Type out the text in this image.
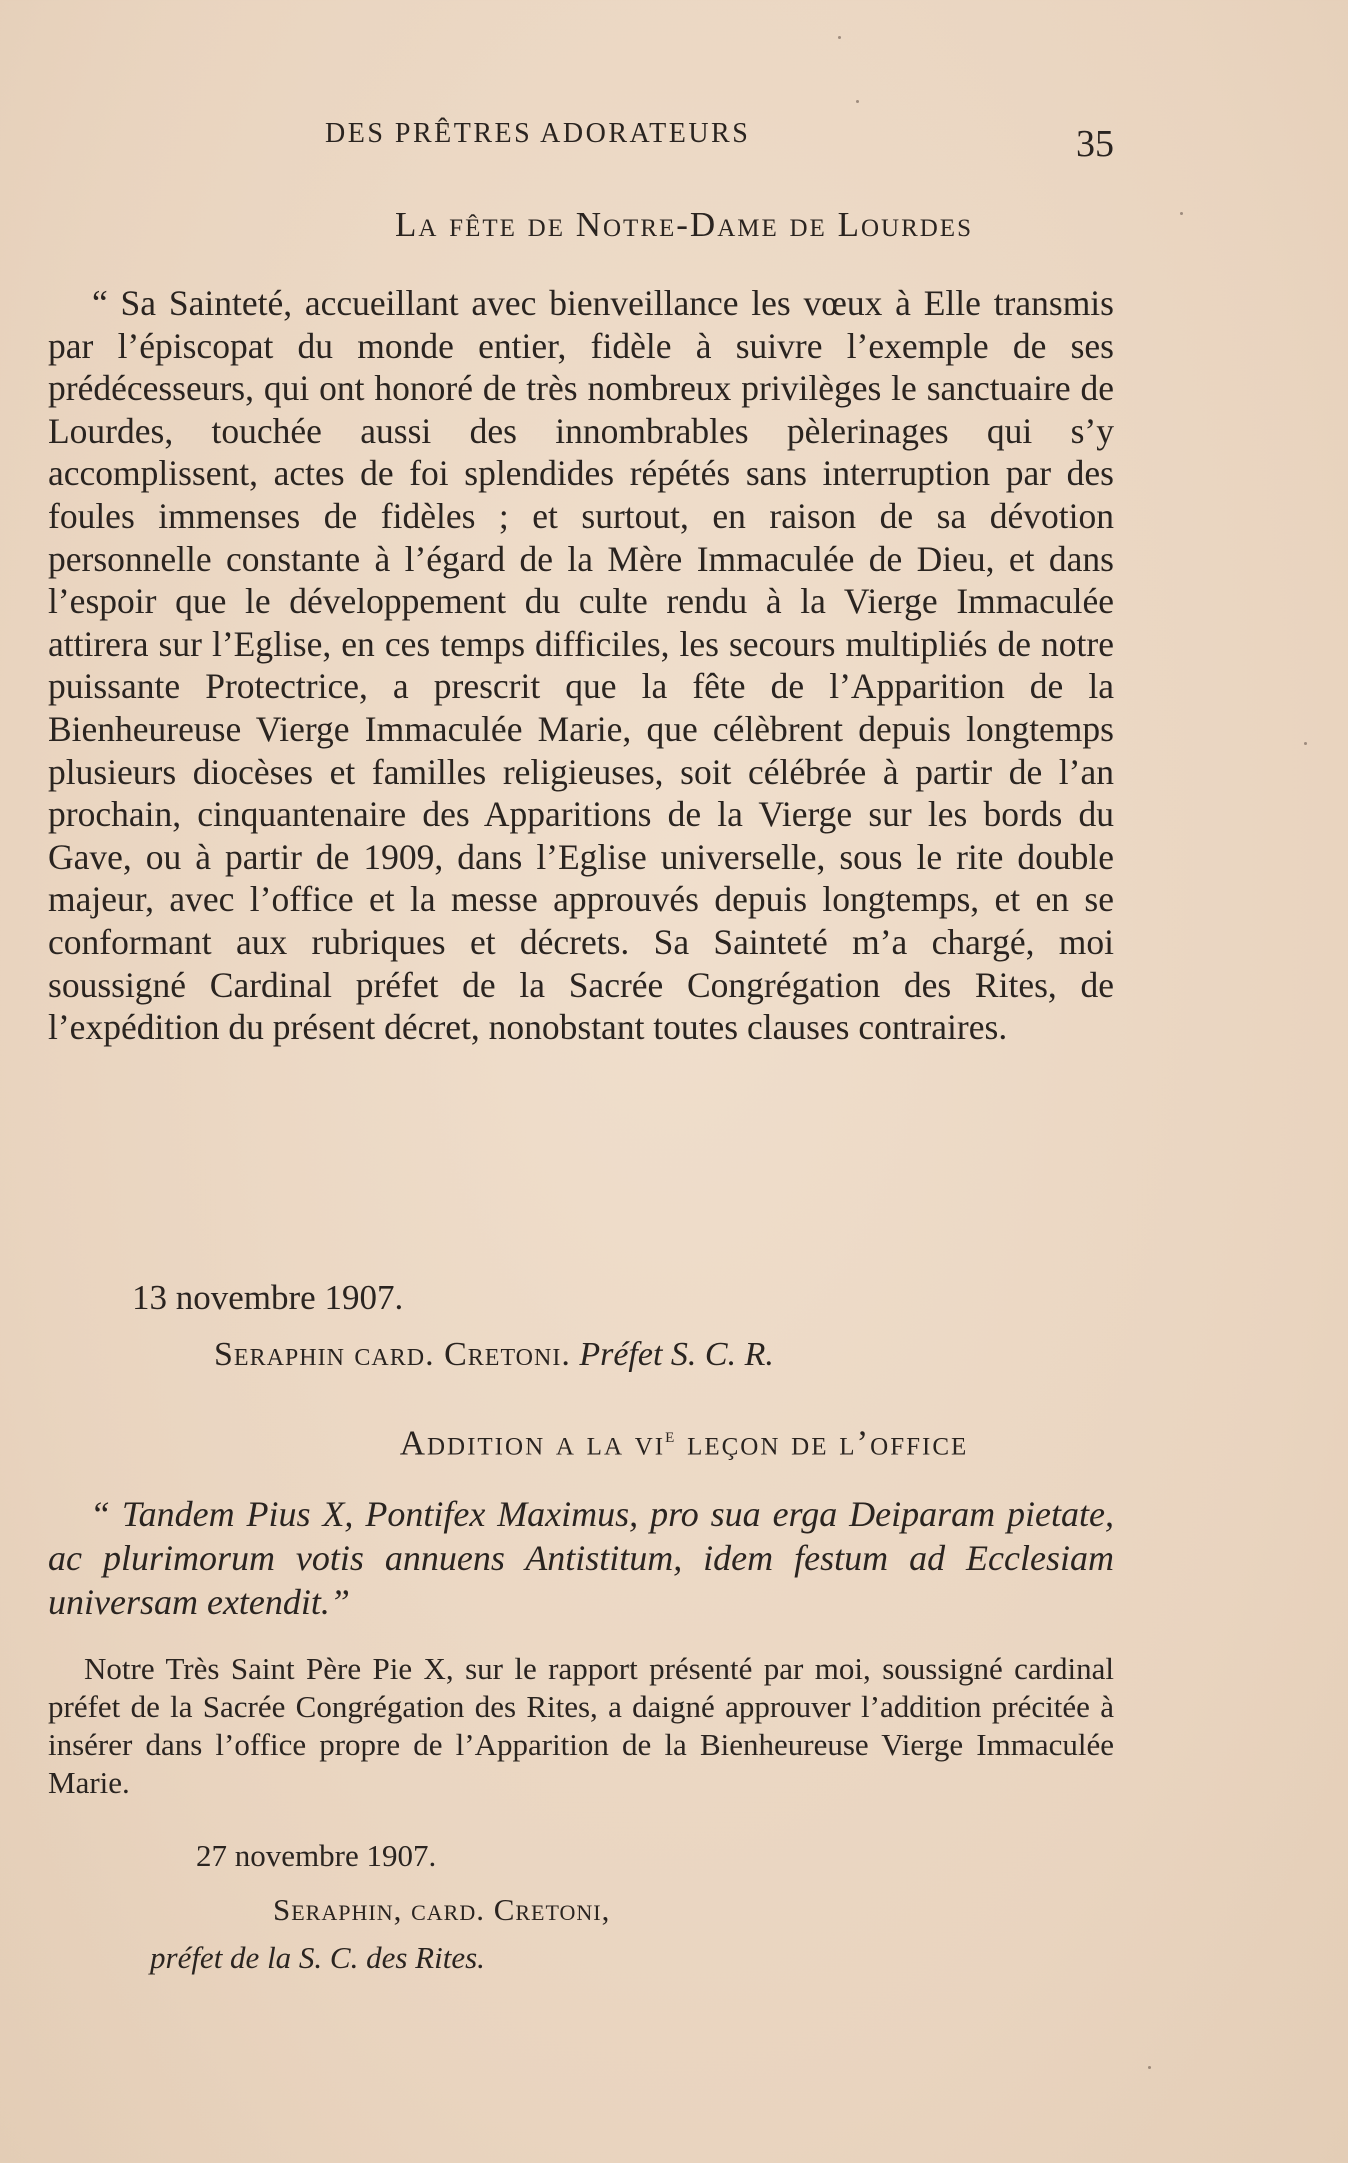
DES PRÊTRES ADORATEURS	35
La fête de Notre-Dame de Lourdes
“ Sa Sainteté, accueillant avec bienveillance les vœux à Elle transmis par l’épiscopat du monde entier, fidèle à suivre l’exemple de ses prédécesseurs, qui ont honoré de très nombreux privilèges le sanctuaire de Lourdes, touchée aussi des innombrables pèlerinages qui s’y accomplissent, actes de foi splendides répétés sans interruption par des foules immenses de fidèles ; et surtout, en raison de sa dévotion personnelle constante à l’égard de la Mère Immaculée de Dieu, et dans l’espoir que le développement du culte rendu à la Vierge Immaculée attirera sur l’Eglise, en ces temps difficiles, les secours multipliés de notre puissante Protectrice, a prescrit que la fête de l’Apparition de la Bienheureuse Vierge Immaculée Marie, que célèbrent depuis longtemps plusieurs diocèses et familles religieuses, soit célébrée à partir de l’an prochain, cinquantenaire des Apparitions de la Vierge sur les bords du Gave, ou à partir de 1909, dans l’Eglise universelle, sous le rite double majeur, avec l’office et la messe approuvés depuis longtemps, et en se conformant aux rubriques et décrets. Sa Sainteté m’a chargé, moi soussigné Cardinal préfet de la Sacrée Congrégation des Rites, de l’expédition du présent décret, nonobstant toutes clauses contraires.
13 novembre 1907.
Seraphin card. Cretoni. Préfet S. C. R.
Addition a la $vi^e$ leçon de l’office
“ Tandem Pius X, Pontifex Maximus, pro sua erga Deiparam pietate, ac plurimorum votis annuens Antistitum, idem festum ad Ecclesiam universam extendit.”
Notre Très Saint Père Pie X, sur le rapport présenté par moi, soussigné cardinal préfet de la Sacrée Congrégation des Rites, a daigné approuver l’addition précitée à insérer dans l’office propre de l’Apparition de la Bienheureuse Vierge Immaculée Marie.
27 novembre 1907.
Seraphin, card. Cretoni,
préfet de la S. C. des Rites.
